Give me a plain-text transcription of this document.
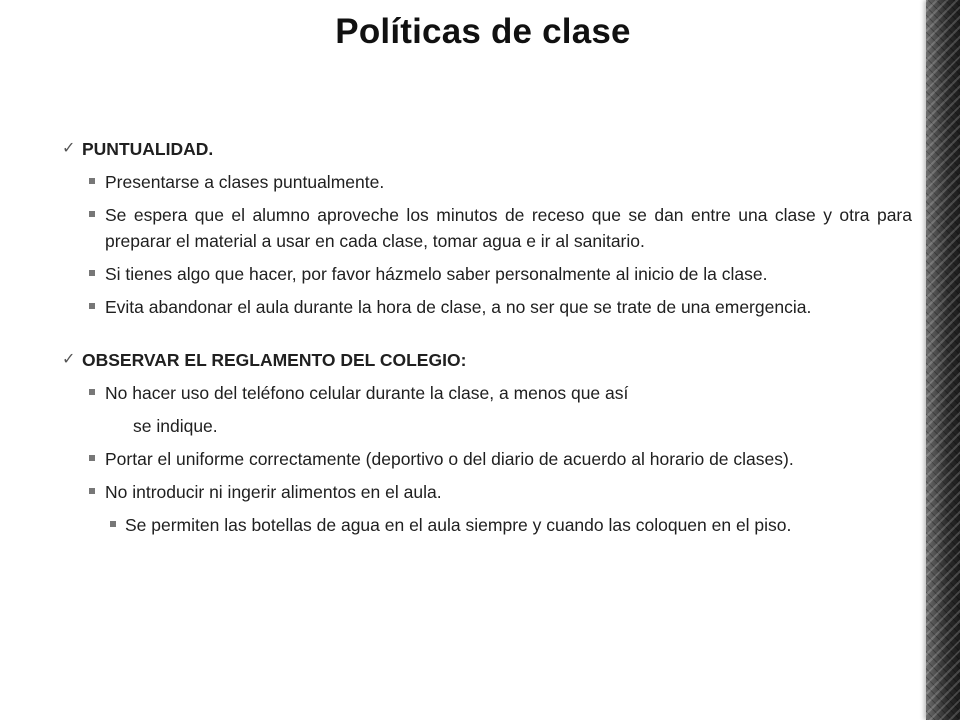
Políticas de clase
✓ PUNTUALIDAD.
Presentarse a clases puntualmente.
Se espera que el alumno aproveche los minutos de receso que se dan entre una clase y otra para preparar el material a usar en cada clase, tomar agua e ir al sanitario.
Si tienes algo que hacer, por favor házmelo saber personalmente al inicio de la clase.
Evita abandonar el aula durante la hora de clase, a no ser que se trate de una emergencia.
✓ OBSERVAR EL REGLAMENTO DEL COLEGIO:
No hacer uso del teléfono celular durante la clase, a menos que así
se indique.
Portar el uniforme correctamente (deportivo o del diario de acuerdo al horario de clases).
No introducir ni ingerir alimentos en el aula.
Se permiten las botellas de agua en el aula siempre y cuando las coloquen en el piso.
